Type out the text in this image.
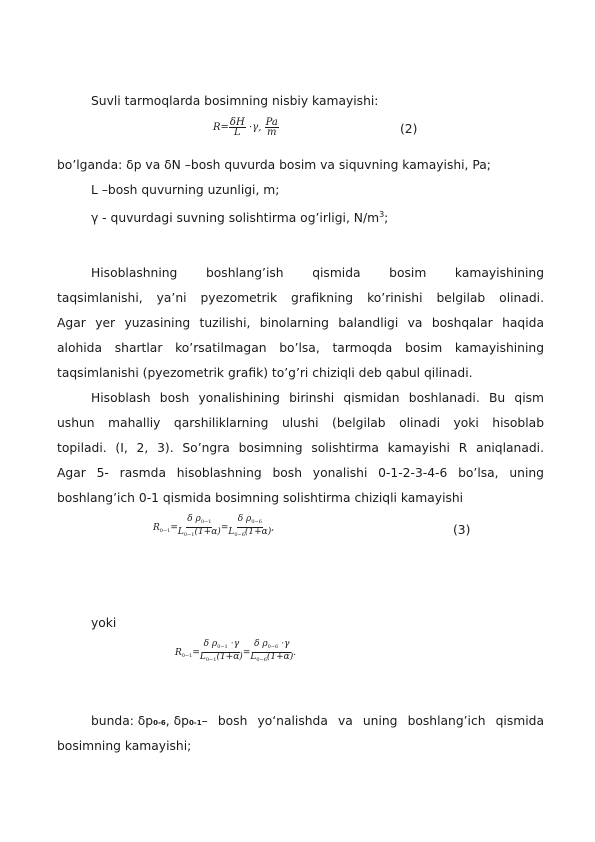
Suvli tarmoqlarda bosimning nisbiy kamayishi:
$R= \frac{\delta H}{L} \cdot\gamma$, $\frac{Pa}{m}$	(2)
bo’lganda: δp va δN –bosh quvurda bosim va siquvning kamayishi, Pa;
L –bosh quvurning uzunligi, m;
γ - quvurdagi suvning solishtirma og’irligi, $N/m^3$;
Hisoblashning boshlang’ish qismida bosim kamayishining
taqsimlanishi, ya’ni pyezometrik grafikning ko’rinishi belgilab olinadi.
Agar yer yuzasining tuzilishi, binolarning balandligi va boshqalar haqida
alohida shartlar ko’rsatilmagan bo’lsa, tarmoqda bosim kamayishining
taqsimlanishi (pyezometrik grafik) to’g’ri chiziqli deb qabul qilinadi.
Hisoblash bosh yonalishining birinshi qismidan boshlanadi. Bu qism
ushun mahalliy qarshiliklarning ulushi (belgilab olinadi yoki hisoblab
topiladi. (I, 2, 3). So’ngra bosimning solishtirma kamayishi R aniqlanadi.
Agar 5- rasmda hisoblashning bosh yonalishi 0-1-2-3-4-6 bo’lsa, uning
boshlang’ich 0-1 qismida bosimning solishtirma chiziqli kamayishi
$R_{0-1}= \frac{\delta \rho_{0-1}}{L_{0-1}(1+\alpha)} = \frac{\delta \rho_{0-6}}{L_{0-6}(1+\alpha)}$ ,	(3)
yoki
$R_{0-1}= \frac{\delta \rho_{0-1} \cdot\gamma}{L_{0-1}(1+\alpha)} = \frac{\delta \rho_{0-6} \cdot\gamma}{L_{0-6}(1+\alpha)}$ .
bunda: δp0-6, δp0-1 – bosh yo‘nalishda va uning boshlang’ich qismida
bosimning kamayishi;
